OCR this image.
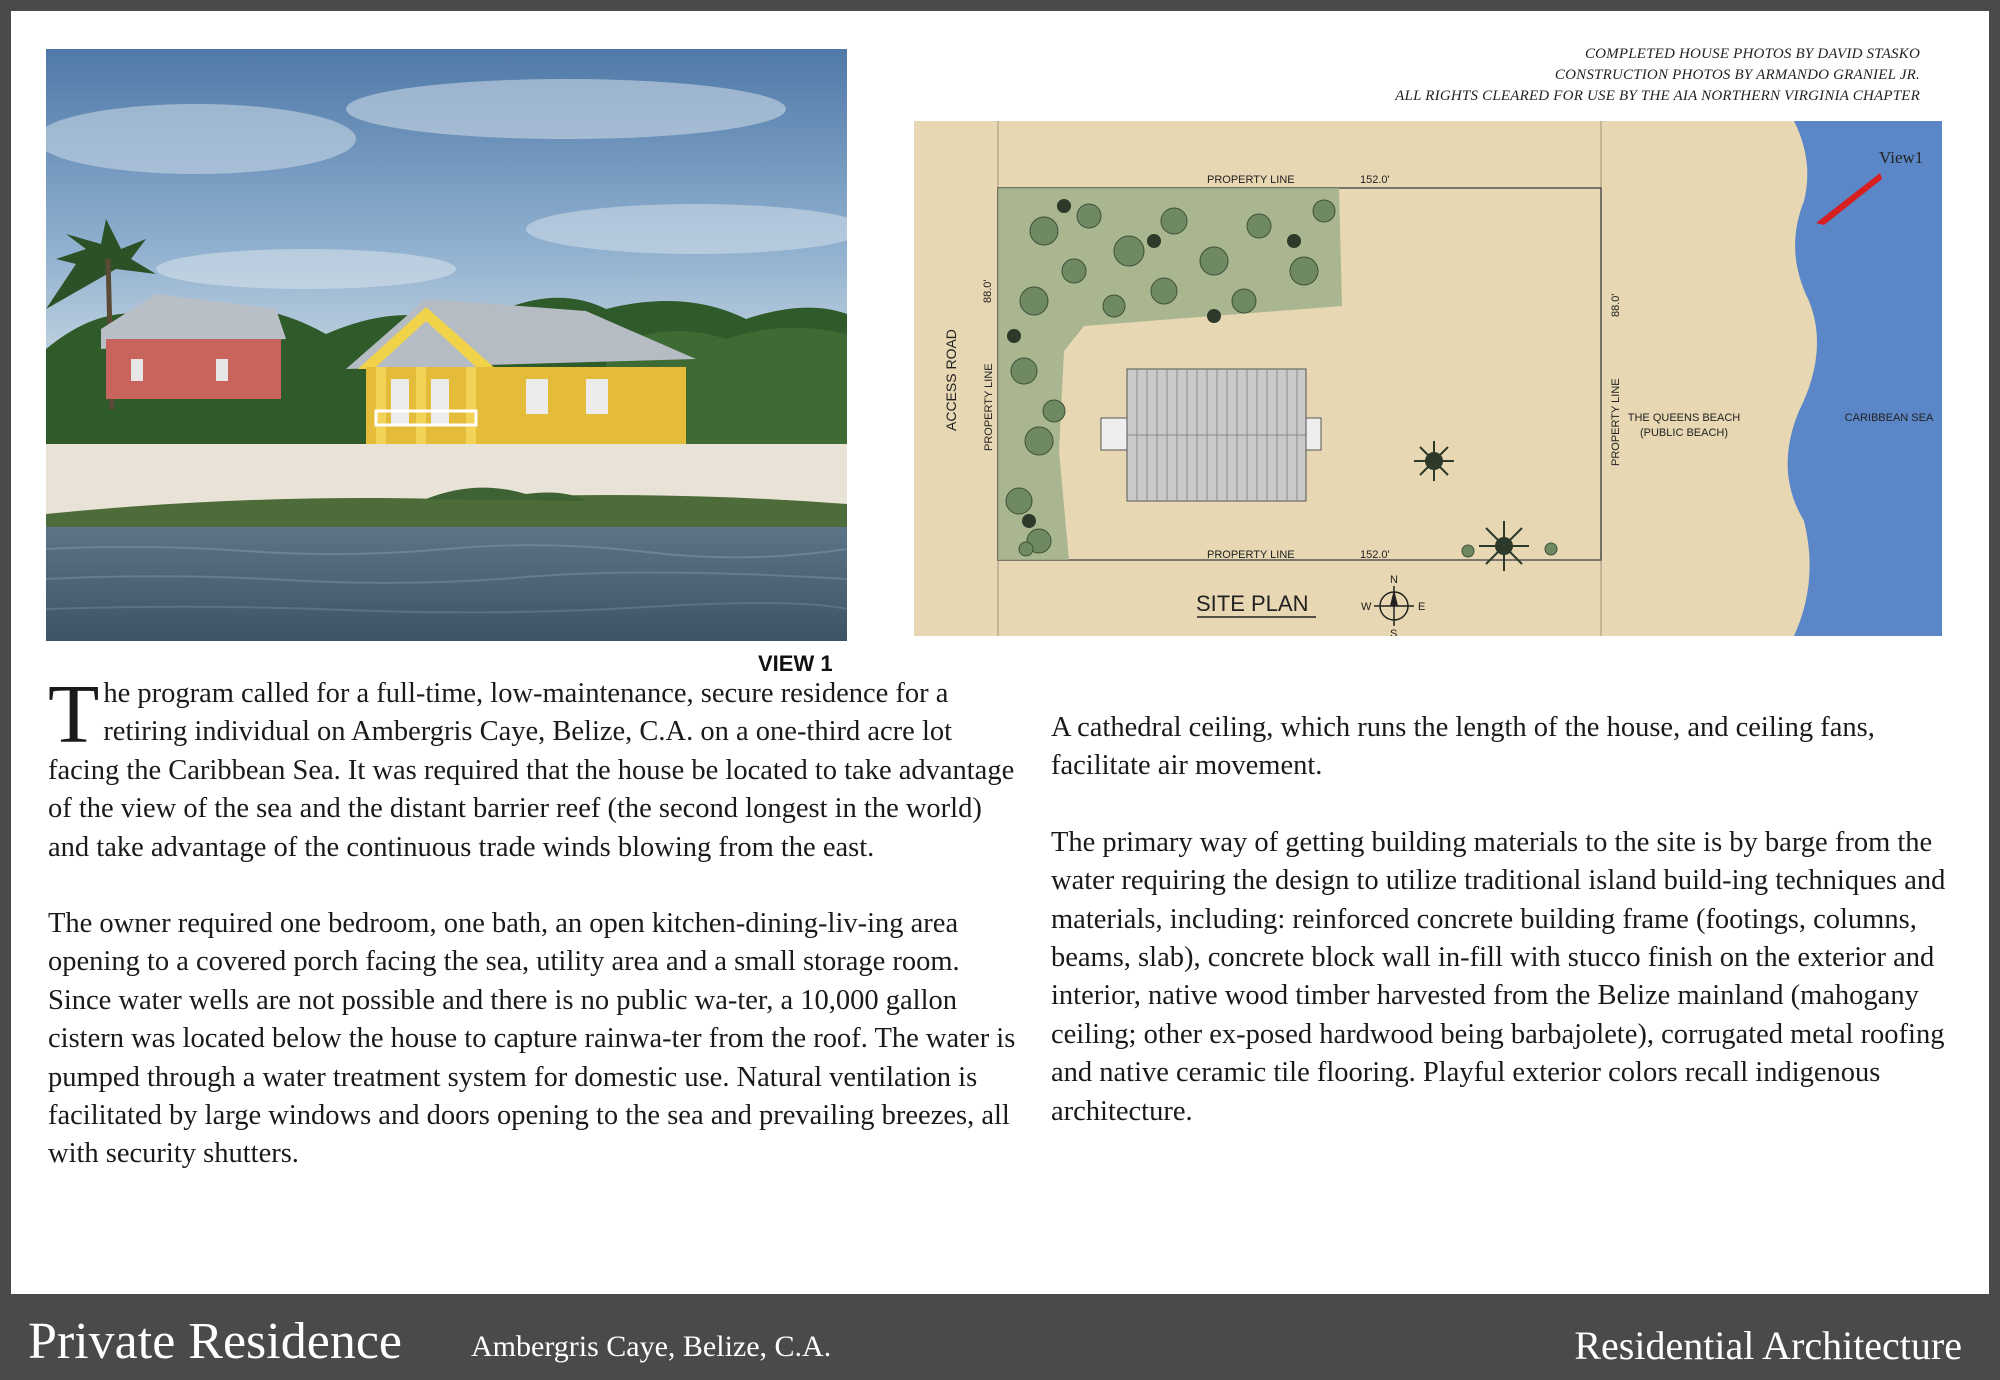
VIEW 1
COMPLETED HOUSE PHOTOS BY DAVID STASKO
CONSTRUCTION PHOTOS BY ARMANDO GRANIEL JR.
ALL RIGHTS CLEARED FOR USE BY THE AIA NORTHERN VIRGINIA CHAPTER
PROPERTY LINE	152.0'
PROPERTY LINE	152.0'
ACCESS ROAD
88.0'
PROPERTY LINE
88.0'
PROPERTY LINE THE QUEENS BEACH
(PUBLIC BEACH)
CARIBBEAN SEA
View1
SITE PLAN
N
S
W	E

The program called for a full-time, low-maintenance, secure residence for a retiring individual on Ambergris Caye, Belize, C.A. on a one-third acre lot facing the Caribbean Sea. It was required that the house be located to take advantage of the view of the sea and the distant barrier reef (the second longest in the world) and take advantage of the continuous trade winds blowing from the east.

The owner required one bedroom, one bath, an open kitchen-dining-liv-ing area opening to a covered porch facing the sea, utility area and a small storage room. Since water wells are not possible and there is no public wa-ter, a 10,000 gallon cistern was located below the house to capture rainwa-ter from the roof. The water is pumped through a water treatment system for domestic use. Natural ventilation is facilitated by large windows and doors opening to the sea and prevailing breezes, all with security shutters.

A cathedral ceiling, which runs the length of the house, and ceiling fans, facilitate air movement.

The primary way of getting building materials to the site is by barge from the water requiring the design to utilize traditional island build-ing techniques and materials, including: reinforced concrete building frame (footings, columns, beams, slab), concrete block wall in-fill with stucco finish on the exterior and interior, native wood timber harvested from the Belize mainland (mahogany ceiling; other ex-posed hardwood being barbajolete), corrugated metal roofing and native ceramic tile flooring. Playful exterior colors recall indigenous architecture.

Private Residence Ambergris Caye, Belize, C.A.	Residential Architecture
